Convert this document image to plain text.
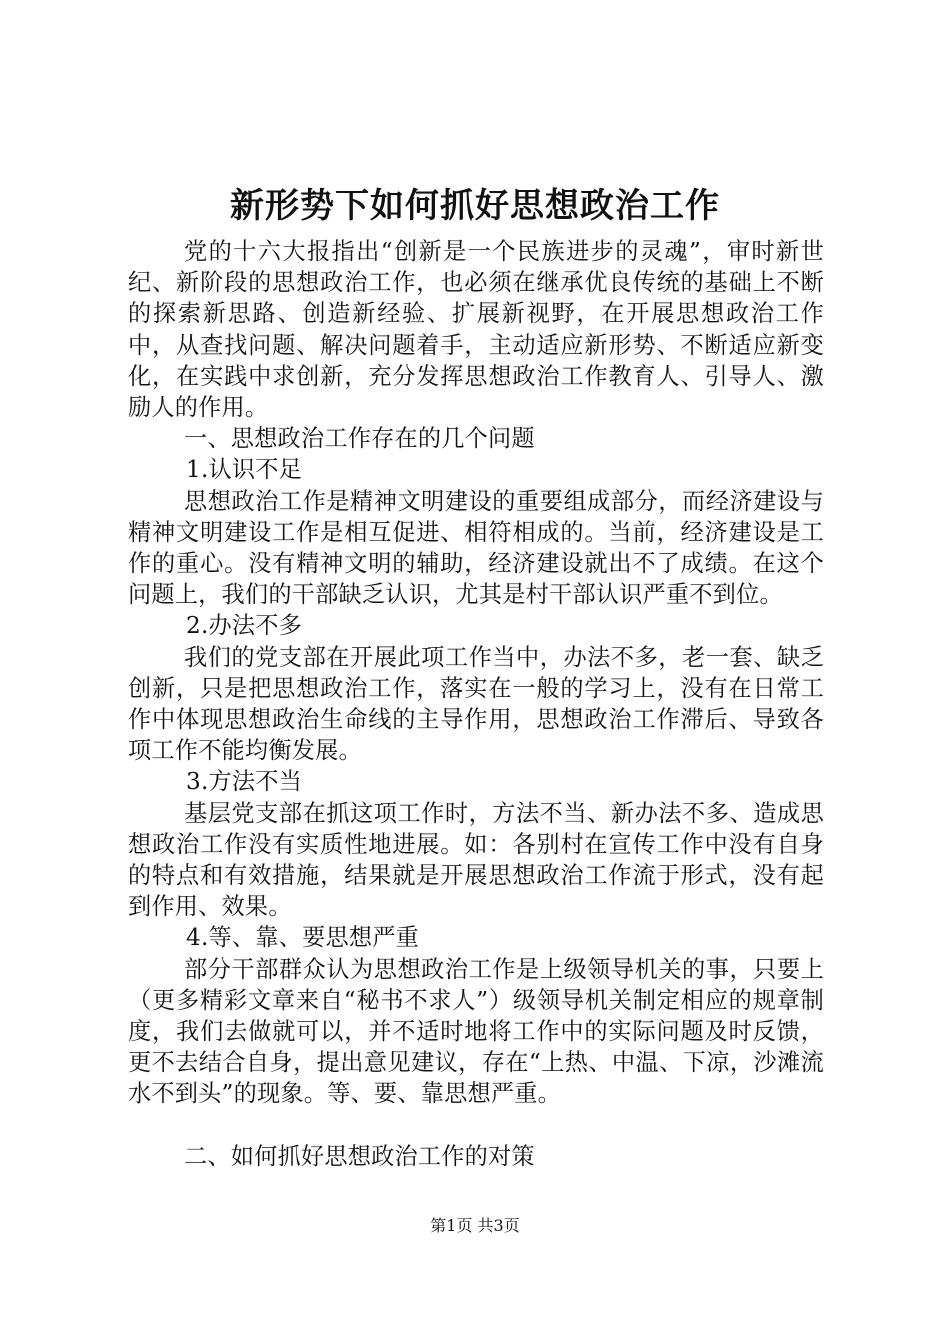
新形势下如何抓好思想政治工作

党的十六大报指出“创新是一个民族进步的灵魂”，审时新世纪、新阶段的思想政治工作，也必须在继承优良传统的基础上不断的探索新思路、创造新经验、扩展新视野，在开展思想政治工作中，从查找问题、解决问题着手，主动适应新形势、不断适应新变化，在实践中求创新，充分发挥思想政治工作教育人、引导人、激励人的作用。

一、思想政治工作存在的几个问题

1.认识不足

思想政治工作是精神文明建设的重要组成部分，而经济建设与精神文明建设工作是相互促进、相符相成的。当前，经济建设是工作的重心。没有精神文明的辅助，经济建设就出不了成绩。在这个问题上，我们的干部缺乏认识，尤其是村干部认识严重不到位。

2.办法不多

我们的党支部在开展此项工作当中，办法不多，老一套、缺乏创新，只是把思想政治工作，落实在一般的学习上，没有在日常工作中体现思想政治生命线的主导作用，思想政治工作滞后、导致各项工作不能均衡发展。

3.方法不当

基层党支部在抓这项工作时，方法不当、新办法不多、造成思想政治工作没有实质性地进展。如：各别村在宣传工作中没有自身的特点和有效措施，结果就是开展思想政治工作流于形式，没有起到作用、效果。

4.等、靠、要思想严重

部分干部群众认为思想政治工作是上级领导机关的事，只要上（更多精彩文章来自“秘书不求人”）级领导机关制定相应的规章制度，我们去做就可以，并不适时地将工作中的实际问题及时反馈，更不去结合自身，提出意见建议，存在“上热、中温、下凉，沙滩流水不到头”的现象。等、要、靠思想严重。

二、如何抓好思想政治工作的对策

第1页 共3页
